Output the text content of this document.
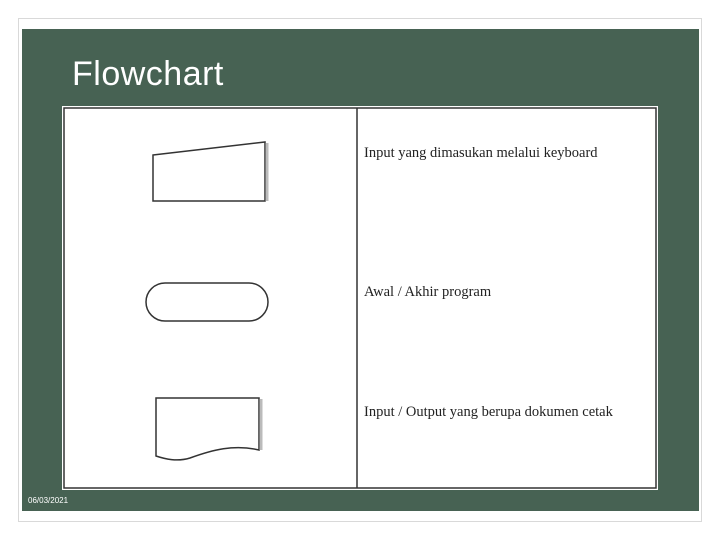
Flowchart
Input yang dimasukan melalui keyboard
Awal / Akhir program
Input / Output yang berupa dokumen cetak
06/03/2021
